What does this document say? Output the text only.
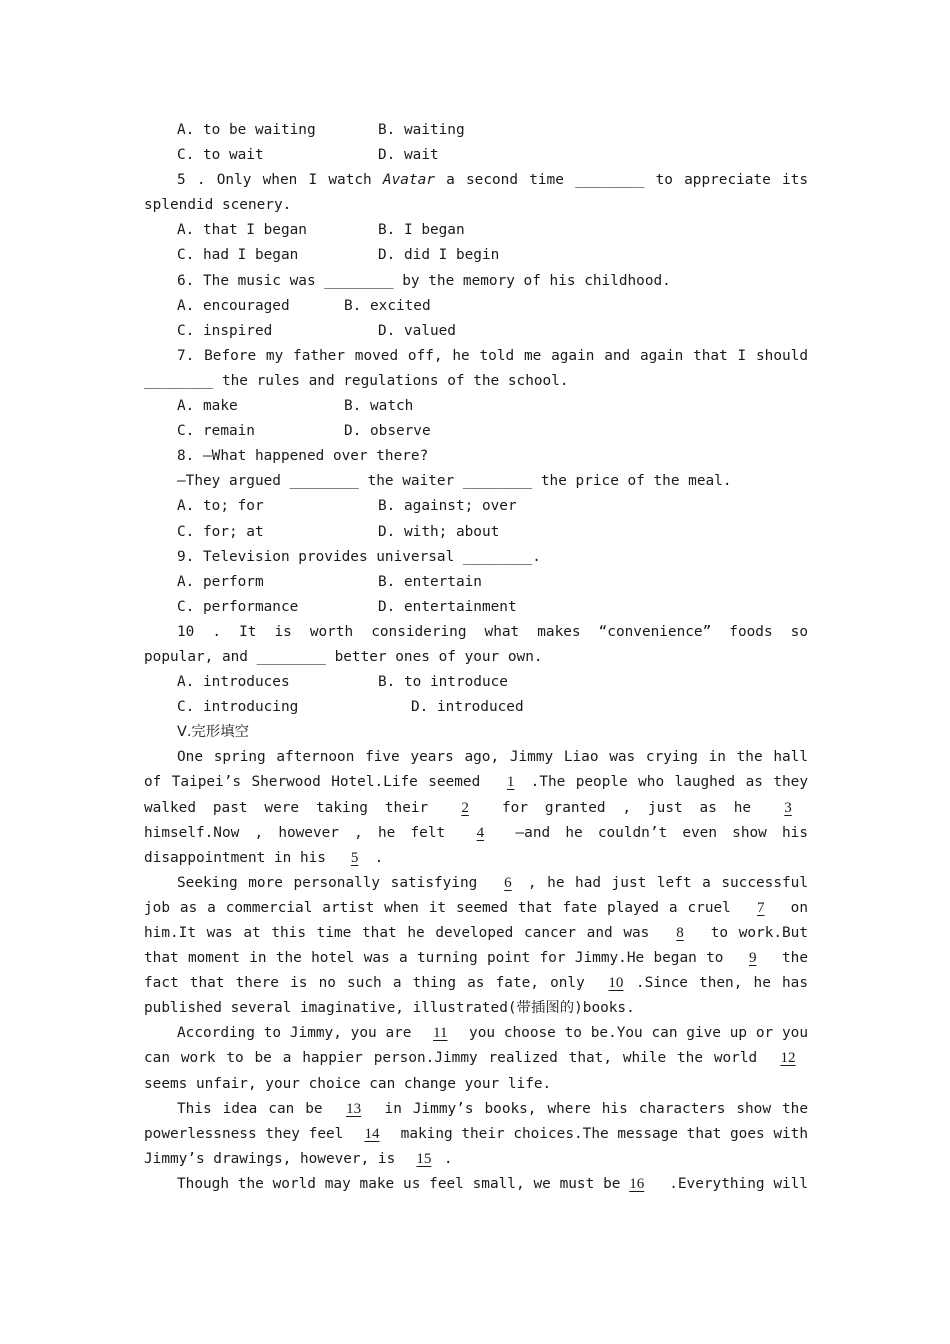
A. to be waiting	B. waiting
C. to wait	D. wait
5 . Only when I watch Avatar a second time ________ to appreciate its
splendid scenery.
A. that I began	B. I began
C. had I began	D. did I begin
6. The music was ________ by the memory of his childhood.
A. encouraged	B. excited
C. inspired	D. valued
7. Before my father moved off, he told me again and again that I should
________ the rules and regulations of the school.
A. make	B. watch
C. remain	D. observe
8. —What happened over there?
—They argued ________ the waiter ________ the price of the meal.
A. to; for	B. against; over
C. for; at	D. with; about
9. Television provides universal ________.
A. perform	B. entertain
C. performance	D. entertainment
10 . It is worth considering what makes “convenience” foods so
popular, and ________ better ones of your own.
A. introduces	B. to introduce
C. introducing	D. introduced
Ⅴ.完形填空
One spring afternoon five years ago, Jimmy Liao was crying in the hall of Taipei’s Sherwood Hotel.Life seemed 1 .The people who laughed as they walked past were taking their 2 for granted , just as he 3 himself.Now , however , he felt 4 —and he couldn’t even show his disappointment in his 5 .
Seeking more personally satisfying 6 , he had just left a successful job as a commercial artist when it seemed that fate played a cruel 7 on him.It was at this time that he developed cancer and was 8 to work.But that moment in the hotel was a turning point for Jimmy.He began to 9 the fact that there is no such a thing as fate, only 10 .Since then, he has published several imaginative, illustrated(带插图的)books.
According to Jimmy, you are 11 you choose to be.You can give up or you can work to be a happier person.Jimmy realized that, while the world 12 seems unfair, your choice can change your life.
This idea can be 13 in Jimmy’s books, where his characters show the powerlessness they feel 14 making their choices.The message that goes with Jimmy’s drawings, however, is 15 .
Though the world may make us feel small, we must be 16 .Everything will
